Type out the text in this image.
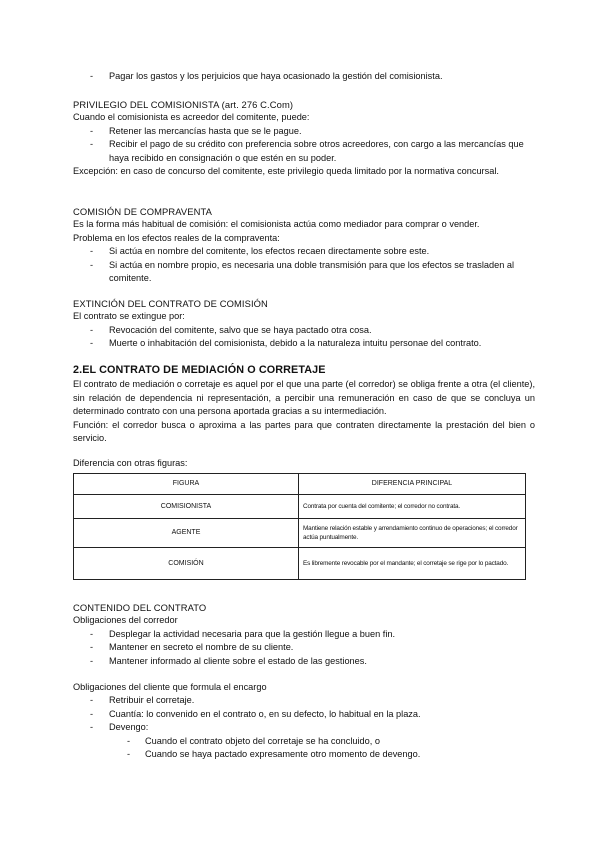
- Pagar los gastos y los perjuicios que haya ocasionado la gestión del comisionista.

PRIVILEGIO DEL COMISIONISTA (art. 276 C.Com)

Cuando el comisionista es acreedor del comitente, puede:

- Retener las mercancías hasta que se le pague.

- Recibir el pago de su crédito con preferencia sobre otros acreedores, con cargo a las mercancías que haya recibido en consignación o que estén en su poder.

Excepción: en caso de concurso del comitente, este privilegio queda limitado por la normativa concursal.

COMISIÓN DE COMPRAVENTA

Es la forma más habitual de comisión: el comisionista actúa como mediador para comprar o vender.

Problema en los efectos reales de la compraventa:

- Si actúa en nombre del comitente, los efectos recaen directamente sobre este.

- Si actúa en nombre propio, es necesaria una doble transmisión para que los efectos se trasladen al comitente.

EXTINCIÓN DEL CONTRATO DE COMISIÓN

El contrato se extingue por:

- Revocación del comitente, salvo que se haya pactado otra cosa.

- Muerte o inhabitación del comisionista, debido a la naturaleza intuitu personae del contrato.

2.EL CONTRATO DE MEDIACIÓN O CORRETAJE

El contrato de mediación o corretaje es aquel por el que una parte (el corredor) se obliga frente a otra (el cliente), sin relación de dependencia ni representación, a percibir una remuneración en caso de que se concluya un determinado contrato con una persona aportada gracias a su intermediación.

Función: el corredor busca o aproxima a las partes para que contraten directamente la prestación del bien o servicio.

Diferencia con otras figuras:

FIGURA	DIFERENCIA PRINCIPAL
COMISIONISTA	Contrata por cuenta del comitente; el corredor no contrata.
AGENTE	Mantiene relación estable y arrendamiento continuo de operaciones; el corredor actúa puntualmente.
COMISIÓN	Es libremente revocable por el mandante; el corretaje se rige por lo pactado.

CONTENIDO DEL CONTRATO

Obligaciones del corredor

- Desplegar la actividad necesaria para que la gestión llegue a buen fin.

- Mantener en secreto el nombre de su cliente.

- Mantener informado al cliente sobre el estado de las gestiones.

Obligaciones del cliente que formula el encargo

- Retribuir el corretaje.

- Cuantía: lo convenido en el contrato o, en su defecto, lo habitual en la plaza.

- Devengo:

- Cuando el contrato objeto del corretaje se ha concluido, o

- Cuando se haya pactado expresamente otro momento de devengo.
